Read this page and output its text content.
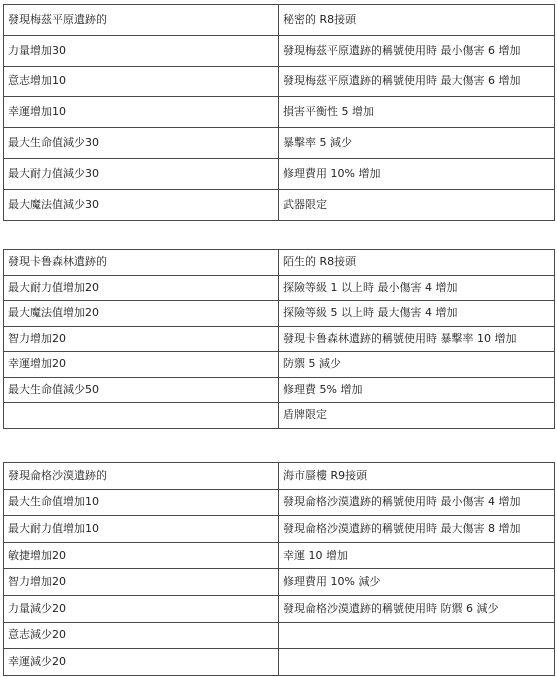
發現梅茲平原遺跡的	秘密的 R8接頭
力量增加30	發現梅茲平原遺跡的稱號使用時 最小傷害 6 增加
意志增加10	發現梅茲平原遺跡的稱號使用時 最大傷害 6 增加
幸運增加10	損害平衡性 5 增加
最大生命值減少30	暴擊率 5 減少
最大耐力值減少30	修理費用 10% 增加
最大魔法值減少30	武器限定
發現卡鲁森林遺跡的	陌生的 R8接頭
最大耐力值增加20	探險等級 1 以上時 最小傷害 4 增加
最大魔法值增加20	探險等級 5 以上時 最大傷害 4 增加
智力增加20	發現卡鲁森林遺跡的稱號使用時 暴擊率 10 增加
幸運增加20	防禦 5 減少
最大生命值減少50	修理費 5% 增加
	盾牌限定
發現侖格沙漠遺跡的	海市蜃樓 R9接頭
最大生命值增加10	發現侖格沙漠遺跡的稱號使用時 最小傷害 4 增加
最大耐力值增加10	發現侖格沙漠遺跡的稱號使用時 最大傷害 8 增加
敏捷增加20	幸運 10 增加
智力增加20	修理費用 10% 減少
力量減少20	發現侖格沙漠遺跡的稱號使用時 防禦 6 減少
意志減少20	
幸運減少20	
